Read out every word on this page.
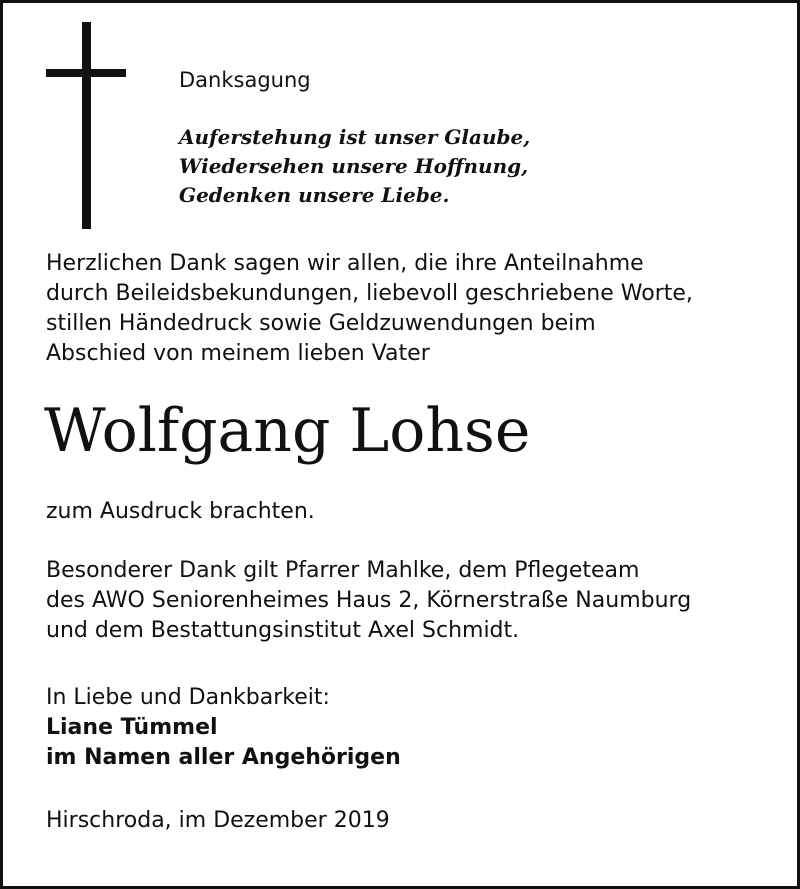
Danksagung
Auferstehung ist unser Glaube,
Wiedersehen unsere Hoffnung,
Gedenken unsere Liebe.
Herzlichen Dank sagen wir allen, die ihre Anteilnahme
durch Beileidsbekundungen, liebevoll geschriebene Worte,
stillen Händedruck sowie Geldzuwendungen beim
Abschied von meinem lieben Vater
Wolfgang Lohse
zum Ausdruck brachten.
Besonderer Dank gilt Pfarrer Mahlke, dem Pflegeteam
des AWO Seniorenheimes Haus 2, Körnerstraße Naumburg
und dem Bestattungsinstitut Axel Schmidt.
In Liebe und Dankbarkeit:
Liane Tümmel
im Namen aller Angehörigen
Hirschroda, im Dezember 2019
